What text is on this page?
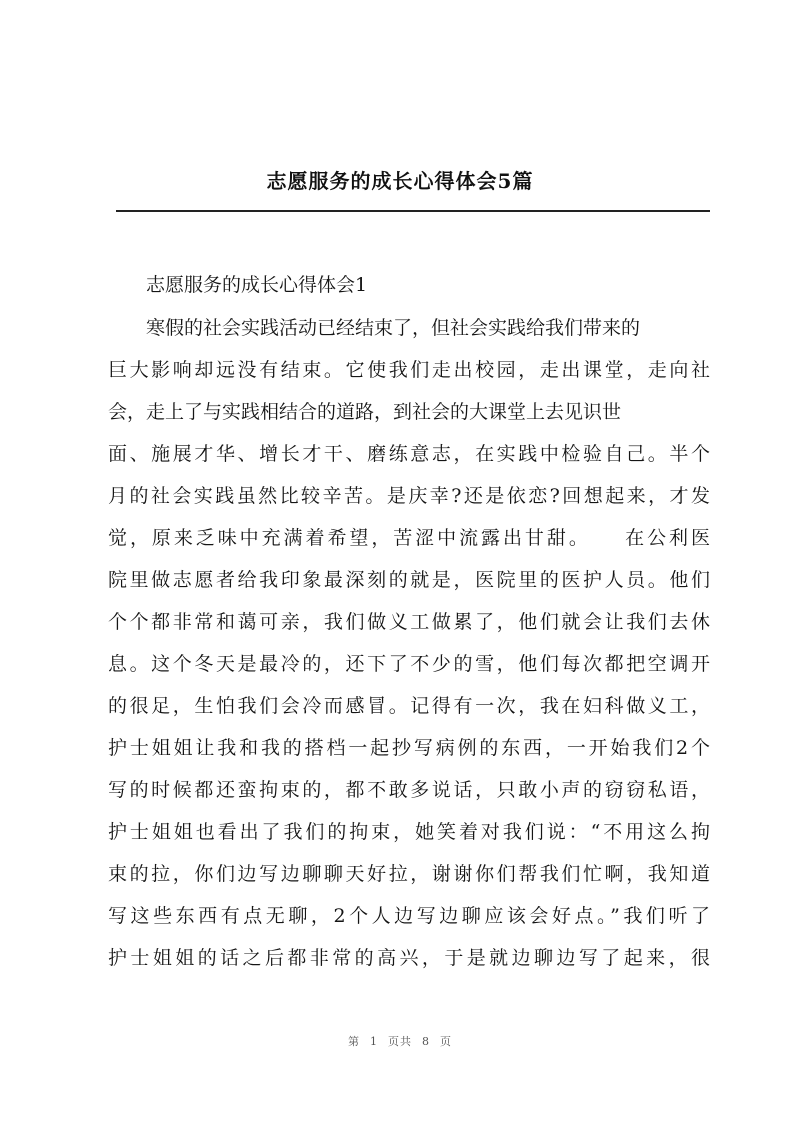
志愿服务的成长心得体会5篇
志愿服务的成长心得体会1
寒假的社会实践活动已经结束了，但社会实践给我们带来的
巨大影响却远没有结束。它使我们走出校园，走出课堂，走向社
会，走上了与实践相结合的道路，到社会的大课堂上去见识世
面、施展才华、增长才干、磨练意志，在实践中检验自己。半个
月的社会实践虽然比较辛苦。是庆幸?还是依恋?回想起来，才发
觉，原来乏味中充满着希望，苦涩中流露出甘甜。　　在公利医
院里做志愿者给我印象最深刻的就是，医院里的医护人员。他们
个个都非常和蔼可亲，我们做义工做累了，他们就会让我们去休
息。这个冬天是最冷的，还下了不少的雪，他们每次都把空调开
的很足，生怕我们会冷而感冒。记得有一次，我在妇科做义工，
护士姐姐让我和我的搭档一起抄写病例的东西，一开始我们2个
写的时候都还蛮拘束的，都不敢多说话，只敢小声的窃窃私语，
护士姐姐也看出了我们的拘束，她笑着对我们说：“不用这么拘
束的拉，你们边写边聊聊天好拉，谢谢你们帮我们忙啊，我知道
写这些东西有点无聊，2个人边写边聊应该会好点。”我们听了
护士姐姐的话之后都非常的高兴，于是就边聊边写了起来，很
第 1 页共 8 页
